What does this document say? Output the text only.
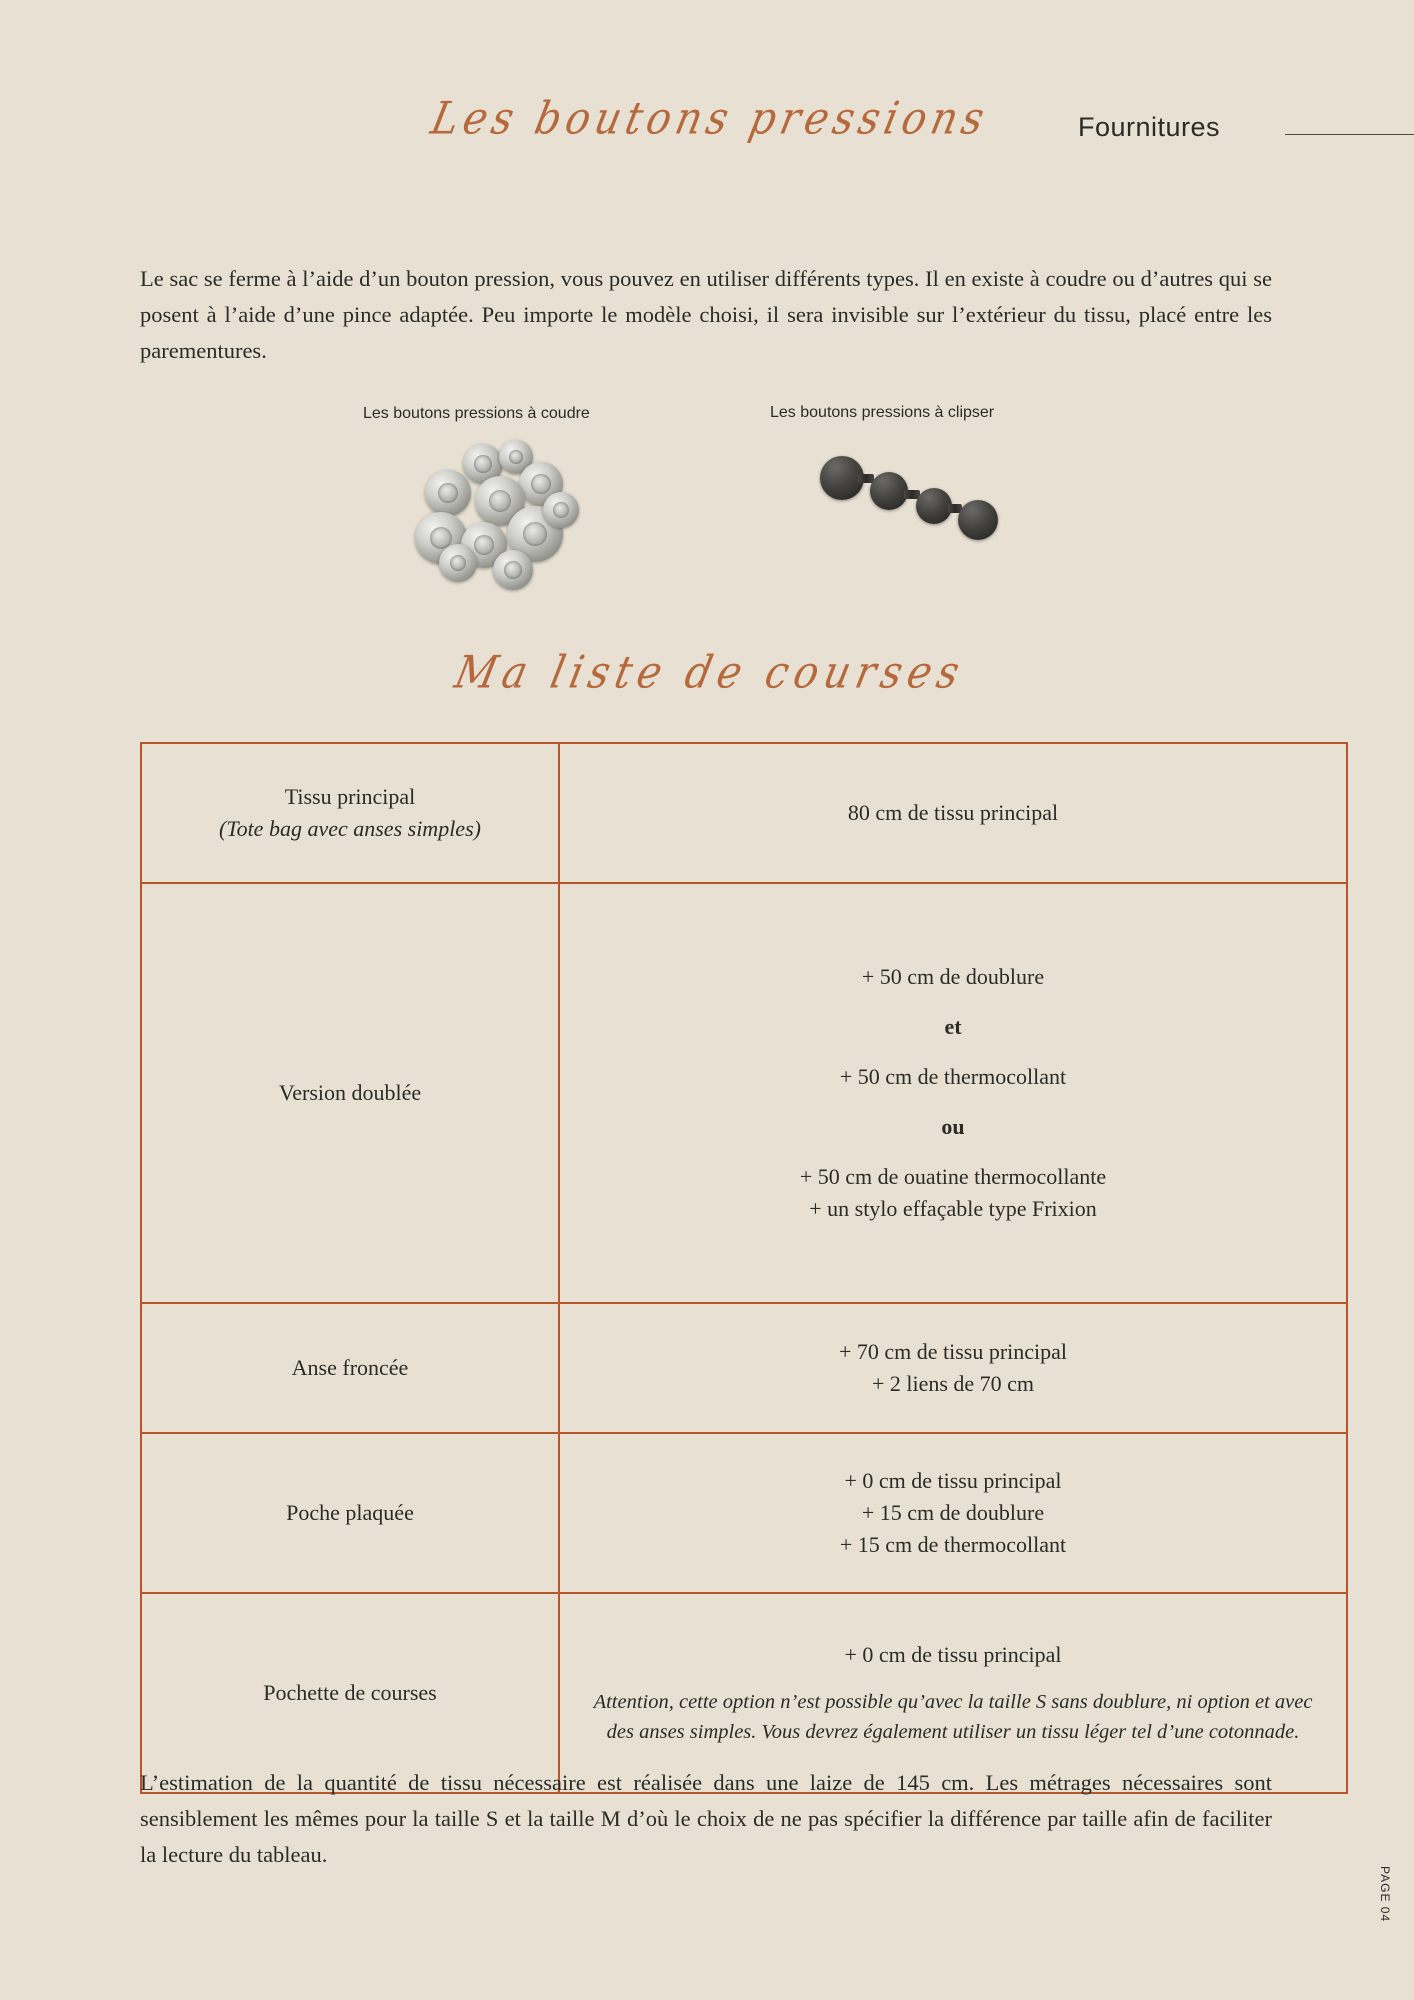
Les boutons pressions	Fournitures

Le sac se ferme à l’aide d’un bouton pression, vous pouvez en utiliser différents types. Il en existe à coudre ou d’autres qui se posent à l’aide d’une pince adaptée. Peu importe le modèle choisi, il sera invisible sur l’extérieur du tissu, placé entre les parementures.

Les boutons pressions à coudre	Les boutons pressions à clipser
Ma liste de courses
Tissu principal
(Tote bag avec anses simples)	80 cm de tissu principal
Version doublée	+ 50 cm de doublure
et
+ 50 cm de thermocollant
ou
+ 50 cm de ouatine thermocollante
+ un stylo effaçable type Frixion
Anse froncée	+ 70 cm de tissu principal
+ 2 liens de 70 cm
Poche plaquée	+ 0 cm de tissu principal
+ 15 cm de doublure
+ 15 cm de thermocollant
Pochette de courses	+ 0 cm de tissu principal
Attention, cette option n’est possible qu’avec la taille S sans doublure, ni option et avec des anses simples. Vous devrez également utiliser un tissu léger tel d’une cotonnade.

L’estimation de la quantité de tissu nécessaire est réalisée dans une laize de 145 cm. Les métrages nécessaires sont sensiblement les mêmes pour la taille S et la taille M d’où le choix de ne pas spécifier la différence par taille afin de faciliter la lecture du tableau.

PAGE 04
